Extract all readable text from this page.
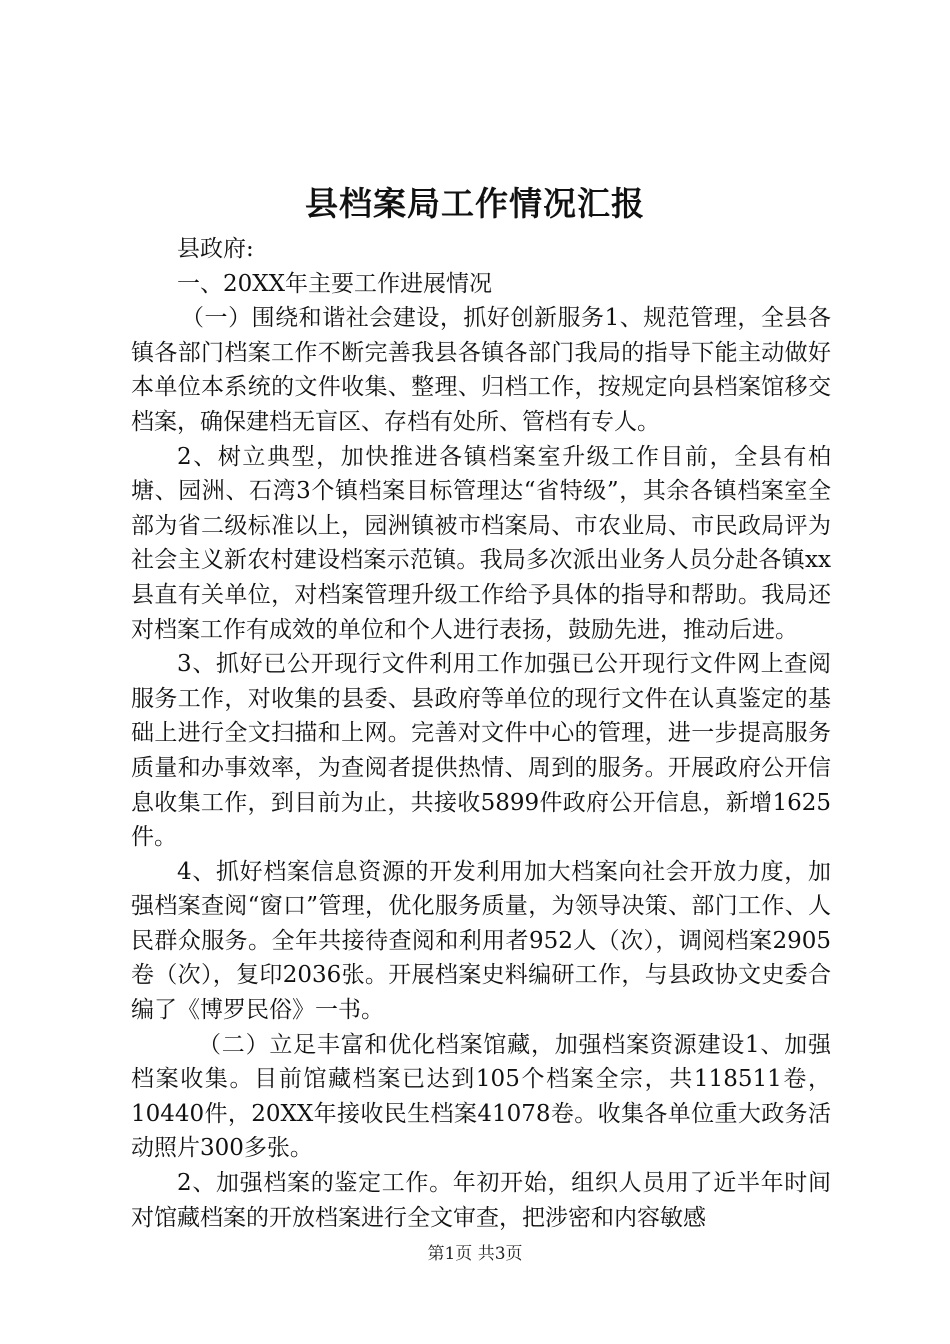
县档案局工作情况汇报

县政府:

一、20XX年主要工作进展情况

（一）围绕和谐社会建设，抓好创新服务1、规范管理，全县各镇各部门档案工作不断完善我县各镇各部门我局的指导下能主动做好本单位本系统的文件收集、整理、归档工作，按规定向县档案馆移交档案，确保建档无盲区、存档有处所、管档有专人。

2、树立典型，加快推进各镇档案室升级工作目前，全县有柏塘、园洲、石湾3个镇档案目标管理达“省特级”，其余各镇档案室全部为省二级标准以上，园洲镇被市档案局、市农业局、市民政局评为社会主义新农村建设档案示范镇。我局多次派出业务人员分赴各镇xx县直有关单位，对档案管理升级工作给予具体的指导和帮助。我局还对档案工作有成效的单位和个人进行表扬，鼓励先进，推动后进。

3、抓好已公开现行文件利用工作加强已公开现行文件网上查阅服务工作，对收集的县委、县政府等单位的现行文件在认真鉴定的基础上进行全文扫描和上网。完善对文件中心的管理，进一步提高服务质量和办事效率，为查阅者提供热情、周到的服务。开展政府公开信息收集工作，到目前为止，共接收5899件政府公开信息，新增1625件。

4、抓好档案信息资源的开发利用加大档案向社会开放力度，加强档案查阅“窗口”管理，优化服务质量，为领导决策、部门工作、人民群众服务。全年共接待查阅和利用者952人（次），调阅档案2905卷（次），复印2036张。开展档案史料编研工作，与县政协文史委合编了《博罗民俗》一书。

（二）立足丰富和优化档案馆藏，加强档案资源建设1、加强档案收集。目前馆藏档案已达到105个档案全宗，共118511卷，10440件，20XX年接收民生档案41078卷。收集各单位重大政务活动照片300多张。

2、加强档案的鉴定工作。年初开始，组织人员用了近半年时间对馆藏档案的开放档案进行全文审查，把涉密和内容敏感

第1页 共3页
